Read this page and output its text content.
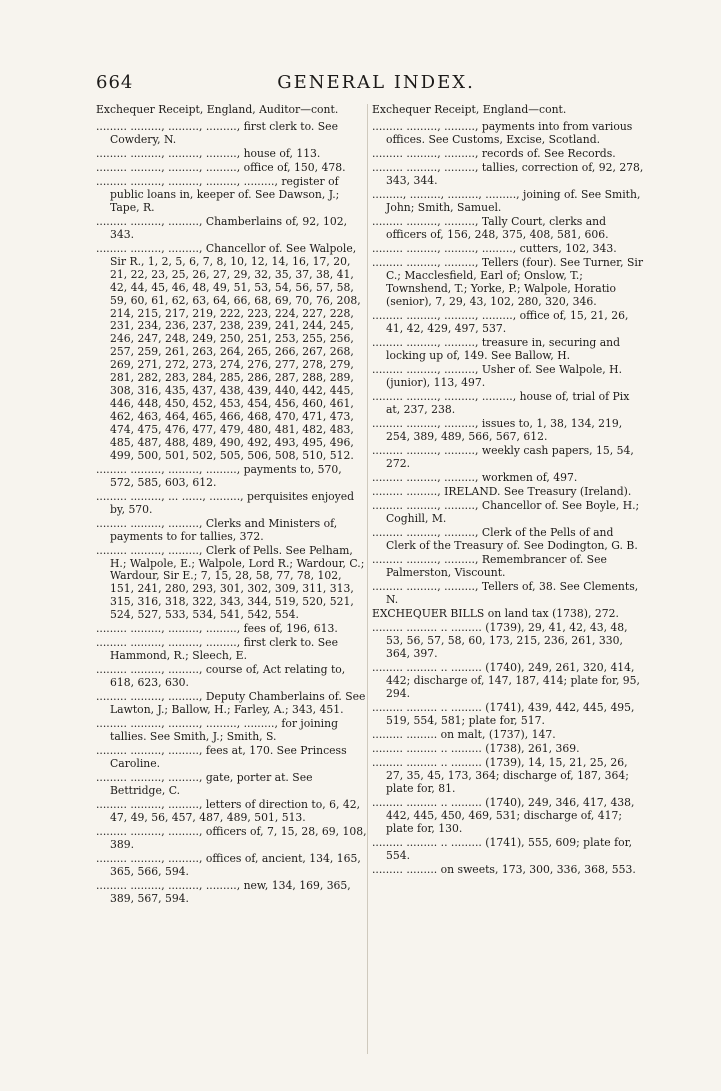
664	GENERAL INDEX.
Exchequer Receipt, England, Auditor—cont.
......... ........., ........., ........., first clerk to. See Cowdery, N.
......... ........., ........., ........., house of, 113.
......... ........., ........., ........., office of, 150, 478.
......... ........., ........., ........., ........., register of public loans in, keeper of. See Dawson, J.; Tape, R.
......... ........., ........., Chamberlains of, 92, 102, 343.
......... ........., ........., Chancellor of. See Walpole, Sir R., 1, 2, 5, 6, 7, 8, 10, 12, 14, 16, 17, 20, 21, 22, 23, 25, 26, 27, 29, 32, 35, 37, 38, 41, 42, 44, 45, 46, 48, 49, 51, 53, 54, 56, 57, 58, 59, 60, 61, 62, 63, 64, 66, 68, 69, 70, 76, 208, 214, 215, 217, 219, 222, 223, 224, 227, 228, 231, 234, 236, 237, 238, 239, 241, 244, 245, 246, 247, 248, 249, 250, 251, 253, 255, 256, 257, 259, 261, 263, 264, 265, 266, 267, 268, 269, 271, 272, 273, 274, 276, 277, 278, 279, 281, 282, 283, 284, 285, 286, 287, 288, 289, 308, 316, 435, 437, 438, 439, 440, 442, 445, 446, 448, 450, 452, 453, 454, 456, 460, 461, 462, 463, 464, 465, 466, 468, 470, 471, 473, 474, 475, 476, 477, 479, 480, 481, 482, 483, 485, 487, 488, 489, 490, 492, 493, 495, 496, 499, 500, 501, 502, 505, 506, 508, 510, 512.
......... ........., ........., ........., payments to, 570, 572, 585, 603, 612.
......... ........., ... ......, ........., perquisites enjoyed by, 570.
......... ........., ........., Clerks and Ministers of, payments to for tallies, 372.
......... ........., ........., Clerk of Pells. See Pelham, H.; Walpole, E.; Walpole, Lord R.; Wardour, C.; Wardour, Sir E.; 7, 15, 28, 58, 77, 78, 102, 151, 241, 280, 293, 301, 302, 309, 311, 313, 315, 316, 318, 322, 343, 344, 519, 520, 521, 524, 527, 533, 534, 541, 542, 554.
......... ........., ........., ........., fees of, 196, 613.
......... ........., ........., ........., first clerk to. See Hammond, R.; Sleech, E.
......... ........., ........., course of, Act relating to, 618, 623, 630.
......... ........., ........., Deputy Chamberlains of. See Lawton, J.; Ballow, H.; Farley, A.; 343, 451.
......... ........., ........., ........., ........., for joining tallies. See Smith, J.; Smith, S.
......... ........., ........., fees at, 170. See Princess Caroline.
......... ........., ........., gate, porter at. See Bettridge, C.
......... ........., ........., letters of direction to, 6, 42, 47, 49, 56, 457, 487, 489, 501, 513.
......... ........., ........., officers of, 7, 15, 28, 69, 108, 389.
......... ........., ........., offices of, ancient, 134, 165, 365, 566, 594.
......... ........., ........., ........., new, 134, 169, 365, 389, 567, 594.
Exchequer Receipt, England—cont.
......... ........., ........., payments into from various offices. See Customs, Excise, Scotland.
......... ........., ........., records of. See Records.
......... ........., ........., tallies, correction of, 92, 278, 343, 344.
........., ........., ........., ........., joining of. See Smith, John; Smith, Samuel.
......... ........., ........., Tally Court, clerks and officers of, 156, 248, 375, 408, 581, 606.
......... ........., ........., ........., cutters, 102, 343.
......... ........., ........., Tellers (four). See Turner, Sir C.; Macclesfield, Earl of; Onslow, T.; Townshend, T.; Yorke, P.; Walpole, Horatio (senior), 7, 29, 43, 102, 280, 320, 346.
......... ........., ........., ........., office of, 15, 21, 26, 41, 42, 429, 497, 537.
......... ........., ........., treasure in, securing and locking up of, 149. See Ballow, H.
......... ........., ........., Usher of. See Walpole, H. (junior), 113, 497.
......... ........., ........., ........., house of, trial of Pix at, 237, 238.
......... ........., ........., issues to, 1, 38, 134, 219, 254, 389, 489, 566, 567, 612.
......... ........., ........., weekly cash papers, 15, 54, 272.
......... ........., ........., workmen of, 497.
......... ........., IRELAND. See Treasury (Ireland).
......... ........., ........., Chancellor of. See Boyle, H.; Coghill, M.
......... ........., ........., Clerk of the Pells of and Clerk of the Treasury of. See Dodington, G. B.
......... ........., ........., Remembrancer of. See Palmerston, Viscount.
......... ........., ........., Tellers of, 38. See Clements, N.
EXCHEQUER BILLS on land tax (1738), 272.
......... ......... .. ......... (1739), 29, 41, 42, 43, 48, 53, 56, 57, 58, 60, 173, 215, 236, 261, 330, 364, 397.
......... ......... .. ......... (1740), 249, 261, 320, 414, 442; discharge of, 147, 187, 414; plate for, 95, 294.
......... ......... .. ......... (1741), 439, 442, 445, 495, 519, 554, 581; plate for, 517.
......... ......... on malt, (1737), 147.
......... ......... .. ......... (1738), 261, 369.
......... ......... .. ......... (1739), 14, 15, 21, 25, 26, 27, 35, 45, 173, 364; discharge of, 187, 364; plate for, 81.
......... ......... .. ......... (1740), 249, 346, 417, 438, 442, 445, 450, 469, 531; discharge of, 417; plate for, 130.
......... ......... .. ......... (1741), 555, 609; plate for, 554.
......... ......... on sweets, 173, 300, 336, 368, 553.
